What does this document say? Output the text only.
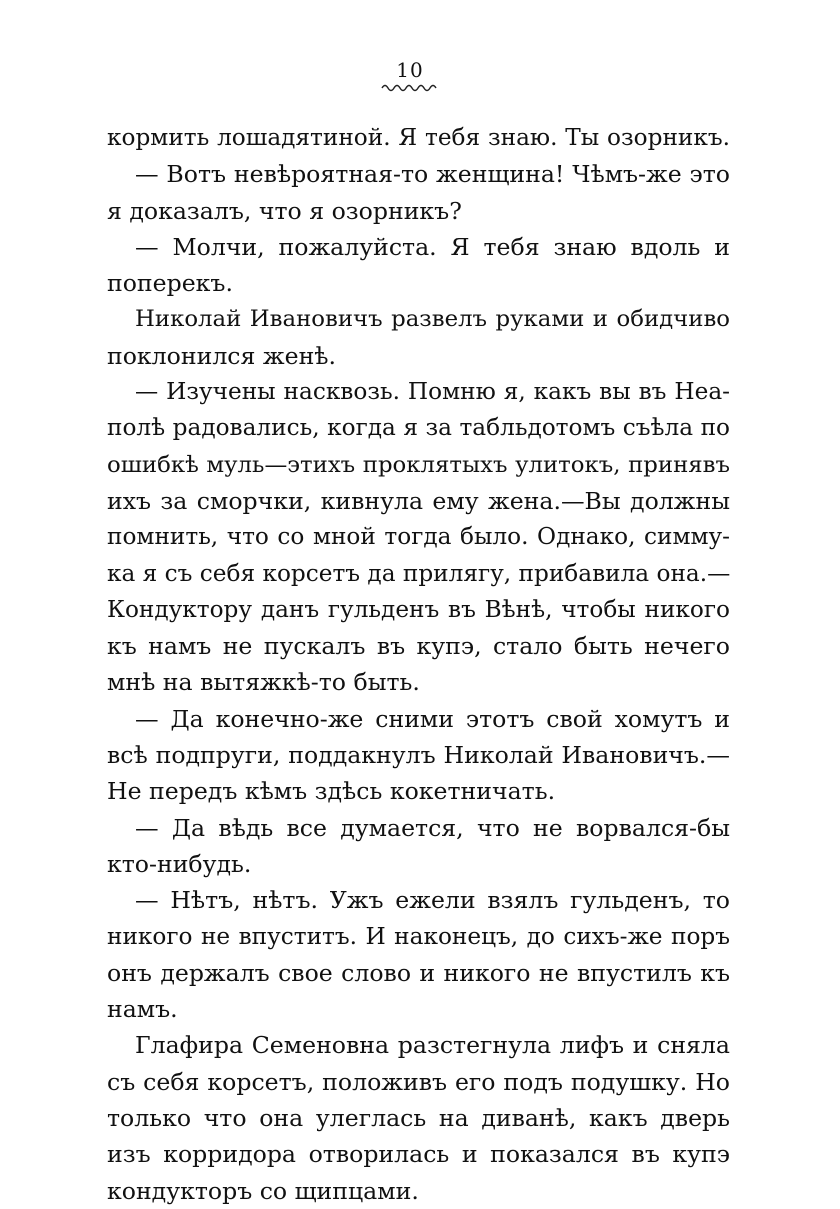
10
кормить лошадятиной. Я тебя знаю. Ты озорникъ.
— Вотъ невѣроятная-то женщина! Чѣмъ-же это
я доказалъ, что я озорникъ?
— Молчи, пожалуйста. Я тебя знаю вдоль и
поперекъ.
Николай Ивановичъ развелъ руками и обидчиво
поклонился женѣ.
— Изучены насквозь. Помню я, какъ вы въ Неа-
полѣ радовались, когда я за табльдотомъ съѣла по
ошибкѣ муль—этихъ проклятыхъ улитокъ, принявъ
ихъ за сморчки, кивнула ему жена.—Вы должны
помнить, что со мной тогда было. Однако, симму-
ка я съ себя корсетъ да прилягу, прибавила она.—
Кондуктору данъ гульденъ въ Вѣнѣ, чтобы никого
къ намъ не пускалъ въ купэ, стало быть нечего
мнѣ на вытяжкѣ-то быть.
— Да конечно-же сними этотъ свой хомутъ и
всѣ подпруги, поддакнулъ Николай Ивановичъ.—
Не передъ кѣмъ здѣсь кокетничать.
— Да вѣдь все думается, что не ворвался-бы
кто-нибудь.
— Нѣтъ, нѣтъ. Ужъ ежели взялъ гульденъ, то
никого не впуститъ. И наконецъ, до сихъ-же поръ
онъ держалъ свое слово и никого не впустилъ къ
намъ.
Глафира Семеновна разстегнула лифъ и сняла
съ себя корсетъ, положивъ его подъ подушку. Но
только что она улеглась на диванѣ, какъ дверь
изъ корридора отворилась и показался въ купэ
кондукторъ со щипцами.
